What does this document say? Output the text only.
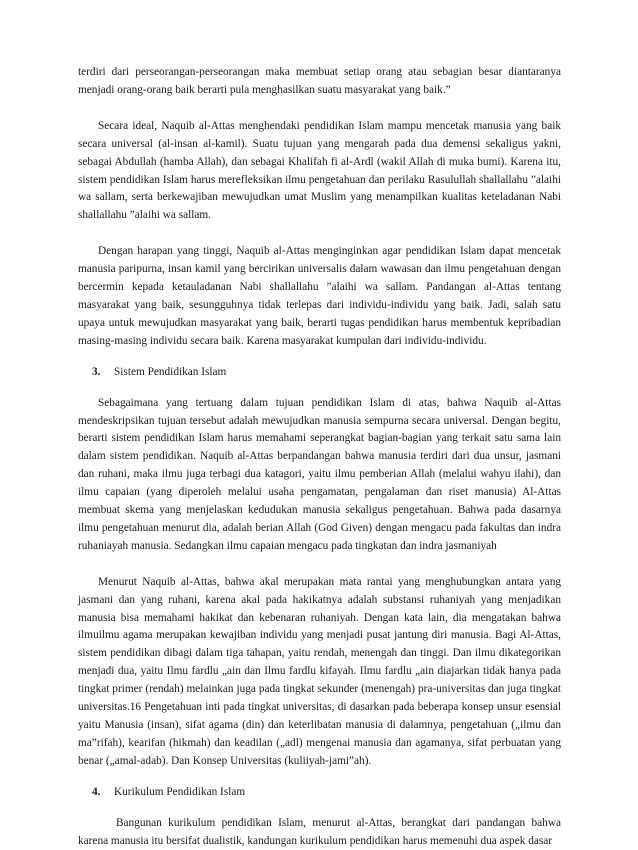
terdiri dari perseorangan-perseorangan maka membuat setiap orang atau sebagian besar diantaranya menjadi orang-orang baik berarti pula menghasilkan suatu masyarakat yang baik.”

Secara ideal, Naquib al-Attas menghendaki pendidikan Islam mampu mencetak manusia yang baik secara universal (al-insan al-kamil). Suatu tujuan yang mengarah pada dua demensi sekaligus yakni, sebagai Abdullah (hamba Allah), dan sebagai Khalifah fi al-Ardl (wakil Allah di muka bumi). Karena itu, sistem pendidikan Islam harus merefleksikan ilmu pengetahuan dan perilaku Rasulullah shallallahu ”alaihi wa sallam, serta berkewajiban mewujudkan umat Muslim yang menampilkan kualitas keteladanan Nabi shallallahu ”alaihi wa sallam.

Dengan harapan yang tinggi, Naquib al-Attas menginginkan agar pendidikan Islam dapat mencetak manusia paripurna, insan kamil yang bercirikan universalis dalam wawasan dan ilmu pengetahuan dengan bercermin kepada ketauladanan Nabi shallallahu ”alaihi wa sallam. Pandangan al-Attas tentang masyarakat yang baik, sesungguhnya tidak terlepas dari individu-individu yang baik. Jadi, salah satu upaya untuk mewujudkan masyarakat yang baik, berarti tugas pendidikan harus membentuk kepribadian masing-masing individu secara baik. Karena masyarakat kumpulan dari individu-individu.

3.	Sistem Pendidikan Islam

Sebagaimana yang tertuang dalam tujuan pendidikan Islam di atas, bahwa Naquib al-Attas mendeskripsikan tujuan tersebut adalah mewujudkan manusia sempurna secara universal. Dengan begitu, berarti sistem pendidikan Islam harus memahami seperangkat bagian-bagian yang terkait satu sama lain dalam sistem pendidikan. Naquib al-Attas berpandangan bahwa manusia terdiri dari dua unsur, jasmani dan ruhani, maka ilmu juga terbagi dua katagori, yaitu ilmu pemberian Allah (melalui wahyu ilahi), dan ilmu capaian (yang diperoleh melalui usaha pengamatan, pengalaman dan riset manusia) Al-Attas membuat skema yang menjelaskan kedudukan manusia sekaligus pengetahuan. Bahwa pada dasarnya ilmu pengetahuan menurut dia, adalah berian Allah (God Given) dengan mengacu pada fakultas dan indra ruhaniayah manusia. Sedangkan ilmu capaian mengacu pada tingkatan dan indra jasmaniyah

Menurut Naquib al-Attas, bahwa akal merupakan mata rantai yang menghubungkan antara yang jasmani dan yang ruhani, karena akal pada hakikatnya adalah substansi ruhaniyah yang menjadikan manusia bisa memahami hakikat dan kebenaran ruhaniyah. Dengan kata lain, dia mengatakan bahwa ilmuilmu agama merupakan kewajiban individu yang menjadi pusat jantung diri manusia. Bagi Al-Attas, sistem pendidikan dibagi dalam tiga tahapan, yaitu rendah, menengah dan tinggi. Dan ilmu dikategorikan menjadi dua, yaitu Ilmu fardlu „ain dan Ilmu fardlu kifayah. Ilmu fardlu „ain diajarkan tidak hanya pada tingkat primer (rendah) melainkan juga pada tingkat sekunder (menengah) pra-universitas dan juga tingkat universitas.16 Pengetahuan inti pada tingkat universitas, di dasarkan pada beberapa konsep unsur esensial yaitu Manusia (insan), sifat agama (din) dan keterlibatan manusia di dalamnya, pengetahuan („ilmu dan ma”rifah), kearifan (hikmah) dan keadilan („adl) mengenai manusia dan agamanya, sifat perbuatan yang benar („amal-adab). Dan Konsep Universitas (kuliiyah-jami”ah).

4.	Kurikulum Pendidikan Islam

Bangunan kurikulum pendidikan Islam, menurut al-Attas, berangkat dari pandangan bahwa karena manusia itu bersifat dualistik, kandungan kurikulum pendidikan harus memenuhi dua aspek dasar
